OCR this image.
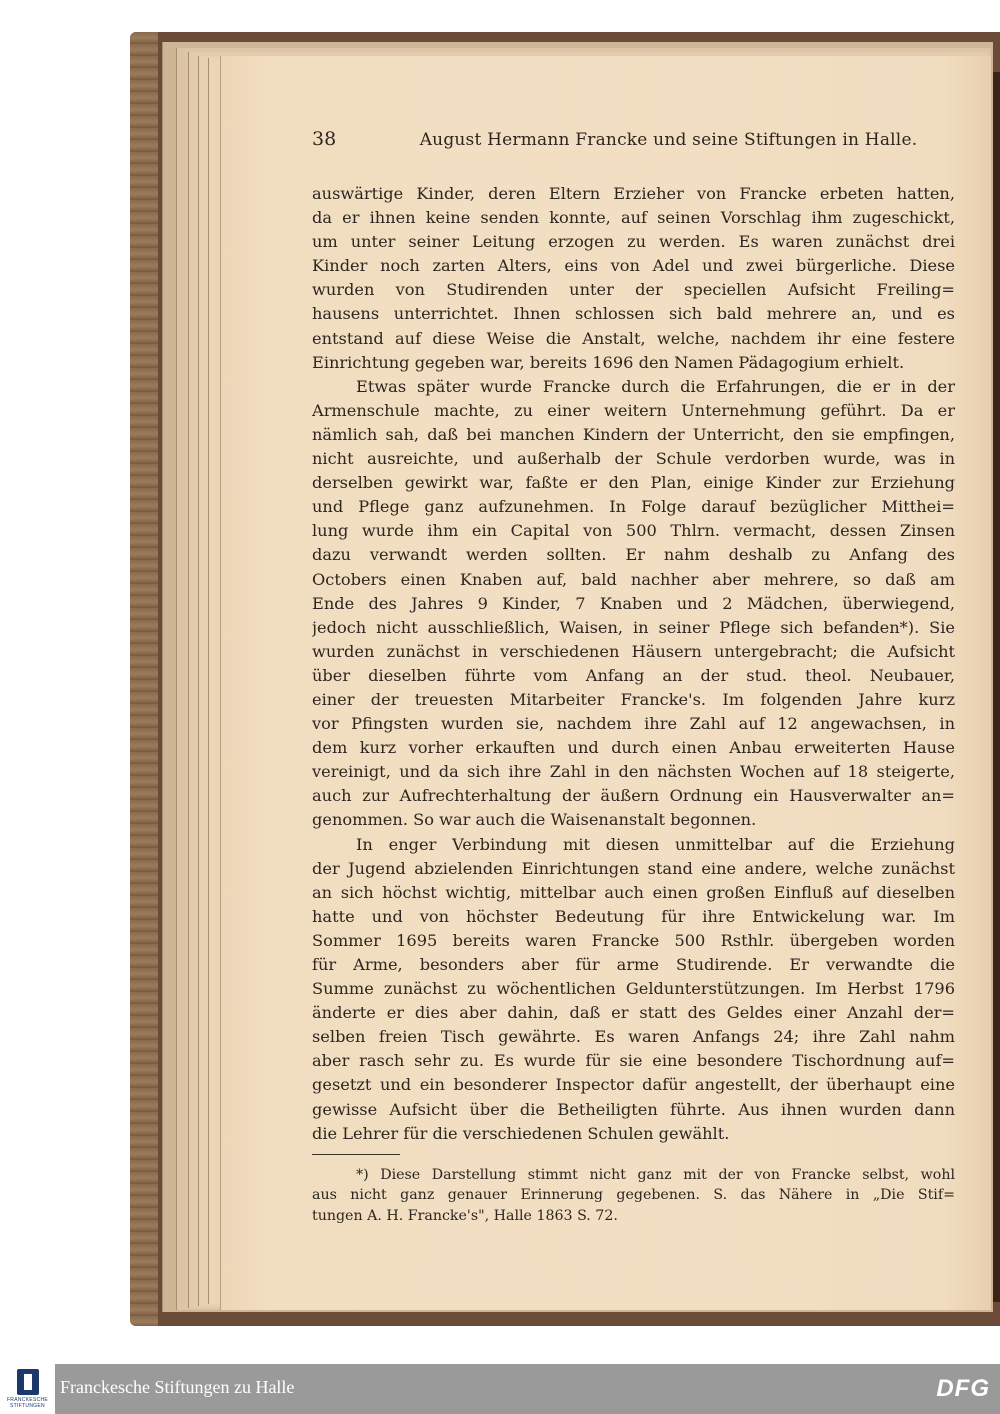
38	August Hermann Francke und seine Stiftungen in Halle.
auswärtige Kinder, deren Eltern Erzieher von Francke erbeten hatten,
da er ihnen keine senden konnte, auf seinen Vorschlag ihm zugeschickt,
um unter seiner Leitung erzogen zu werden. Es waren zunächst drei
Kinder noch zarten Alters, eins von Adel und zwei bürgerliche. Diese
wurden von Studirenden unter der speciellen Aufsicht Freiling=
hausens unterrichtet. Ihnen schlossen sich bald mehrere an, und es
entstand auf diese Weise die Anstalt, welche, nachdem ihr eine festere
Einrichtung gegeben war, bereits 1696 den Namen Pädagogium erhielt.
Etwas später wurde Francke durch die Erfahrungen, die er in der
Armenschule machte, zu einer weitern Unternehmung geführt. Da er
nämlich sah, daß bei manchen Kindern der Unterricht, den sie empfingen,
nicht ausreichte, und außerhalb der Schule verdorben wurde, was in
derselben gewirkt war, faßte er den Plan, einige Kinder zur Erziehung
und Pflege ganz aufzunehmen. In Folge darauf bezüglicher Mitthei=
lung wurde ihm ein Capital von 500 Thlrn. vermacht, dessen Zinsen
dazu verwandt werden sollten. Er nahm deshalb zu Anfang des
Octobers einen Knaben auf, bald nachher aber mehrere, so daß am
Ende des Jahres 9 Kinder, 7 Knaben und 2 Mädchen, überwiegend,
jedoch nicht ausschließlich, Waisen, in seiner Pflege sich befanden*). Sie
wurden zunächst in verschiedenen Häusern untergebracht; die Aufsicht
über dieselben führte vom Anfang an der stud. theol. Neubauer,
einer der treuesten Mitarbeiter Francke's. Im folgenden Jahre kurz
vor Pfingsten wurden sie, nachdem ihre Zahl auf 12 angewachsen, in
dem kurz vorher erkauften und durch einen Anbau erweiterten Hause
vereinigt, und da sich ihre Zahl in den nächsten Wochen auf 18 steigerte,
auch zur Aufrechterhaltung der äußern Ordnung ein Hausverwalter an=
genommen. So war auch die Waisenanstalt begonnen.
In enger Verbindung mit diesen unmittelbar auf die Erziehung
der Jugend abzielenden Einrichtungen stand eine andere, welche zunächst
an sich höchst wichtig, mittelbar auch einen großen Einfluß auf dieselben
hatte und von höchster Bedeutung für ihre Entwickelung war. Im
Sommer 1695 bereits waren Francke 500 Rsthlr. übergeben worden
für Arme, besonders aber für arme Studirende. Er verwandte die
Summe zunächst zu wöchentlichen Geldunterstützungen. Im Herbst 1796
änderte er dies aber dahin, daß er statt des Geldes einer Anzahl der=
selben freien Tisch gewährte. Es waren Anfangs 24; ihre Zahl nahm
aber rasch sehr zu. Es wurde für sie eine besondere Tischordnung auf=
gesetzt und ein besonderer Inspector dafür angestellt, der überhaupt eine
gewisse Aufsicht über die Betheiligten führte. Aus ihnen wurden dann
die Lehrer für die verschiedenen Schulen gewählt.
*) Diese Darstellung stimmt nicht ganz mit der von Francke selbst, wohl
aus nicht ganz genauer Erinnerung gegebenen. S. das Nähere in „Die Stif=
tungen A. H. Francke's", Halle 1863 S. 72.
FRANCKESCHE
STIFTUNGEN
Franckesche Stiftungen zu Halle	DFG
